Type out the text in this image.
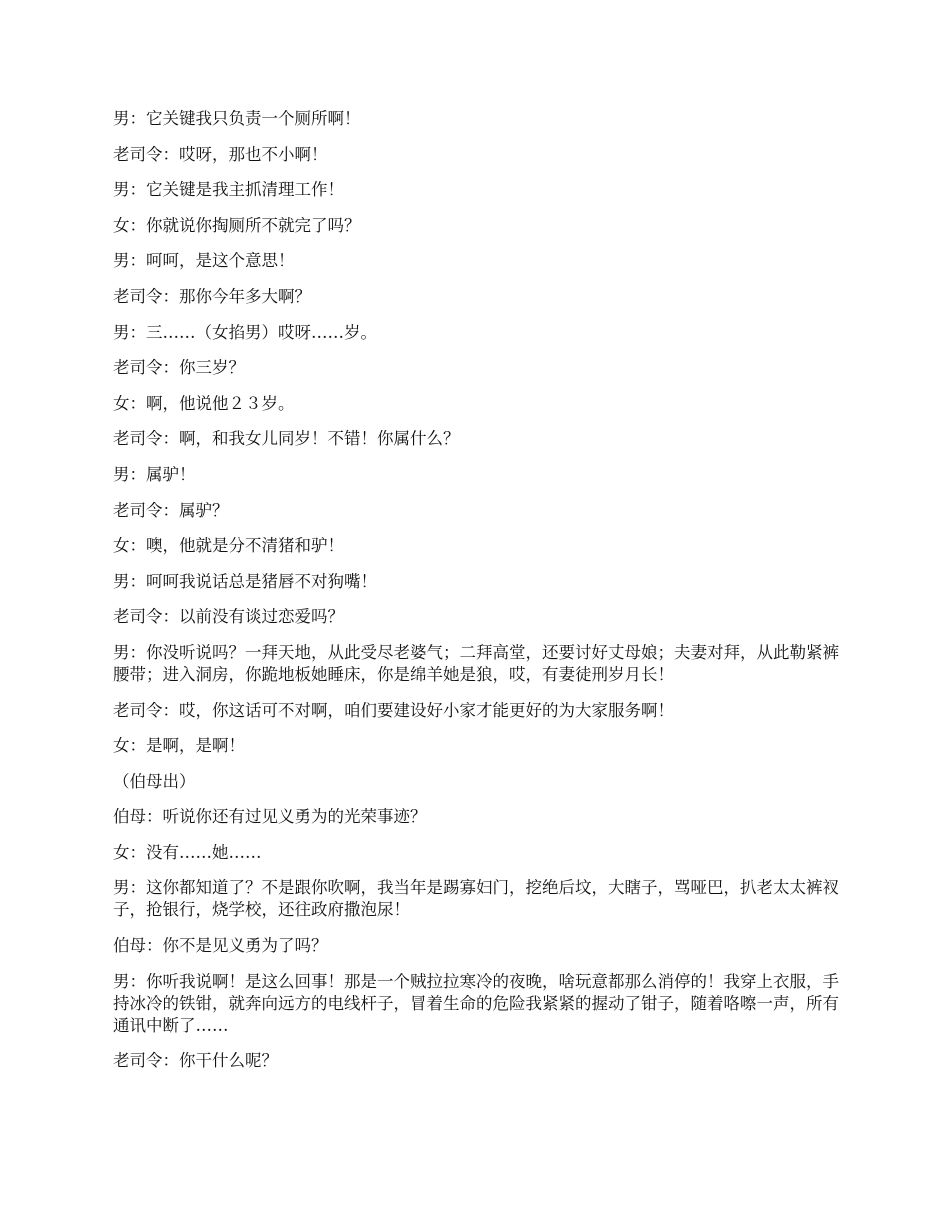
男：它关键我只负责一个厕所啊！

老司令：哎呀，那也不小啊！

男：它关键是我主抓清理工作！

女：你就说你掏厕所不就完了吗？

男：呵呵，是这个意思！

老司令：那你今年多大啊？

男：三……（女掐男）哎呀……岁。

老司令：你三岁？

女：啊，他说他２３岁。

老司令：啊，和我女儿同岁！不错！你属什么？

男：属驴！

老司令：属驴？

女：噢，他就是分不清猪和驴！

男：呵呵我说话总是猪唇不对狗嘴！

老司令：以前没有谈过恋爱吗？

男：你没听说吗？一拜天地，从此受尽老婆气；二拜高堂，还要讨好丈母娘；夫妻对拜，从此勒紧裤腰带；进入洞房，你跪地板她睡床，你是绵羊她是狼，哎，有妻徒刑岁月长！

老司令：哎，你这话可不对啊，咱们要建设好小家才能更好的为大家服务啊！

女：是啊，是啊！

（伯母出）

伯母：听说你还有过见义勇为的光荣事迹？

女：没有……她……

男：这你都知道了？不是跟你吹啊，我当年是踢寡妇门，挖绝后坟，大瞎子，骂哑巴，扒老太太裤衩子，抢银行，烧学校，还往政府撒泡尿！

伯母：你不是见义勇为了吗？

男：你听我说啊！是这么回事！那是一个贼拉拉寒冷的夜晚，啥玩意都那么消停的！我穿上衣服，手持冰冷的铁钳，就奔向远方的电线杆子，冒着生命的危险我紧紧的握动了钳子，随着咯嚓一声，所有通讯中断了……

老司令：你干什么呢？
